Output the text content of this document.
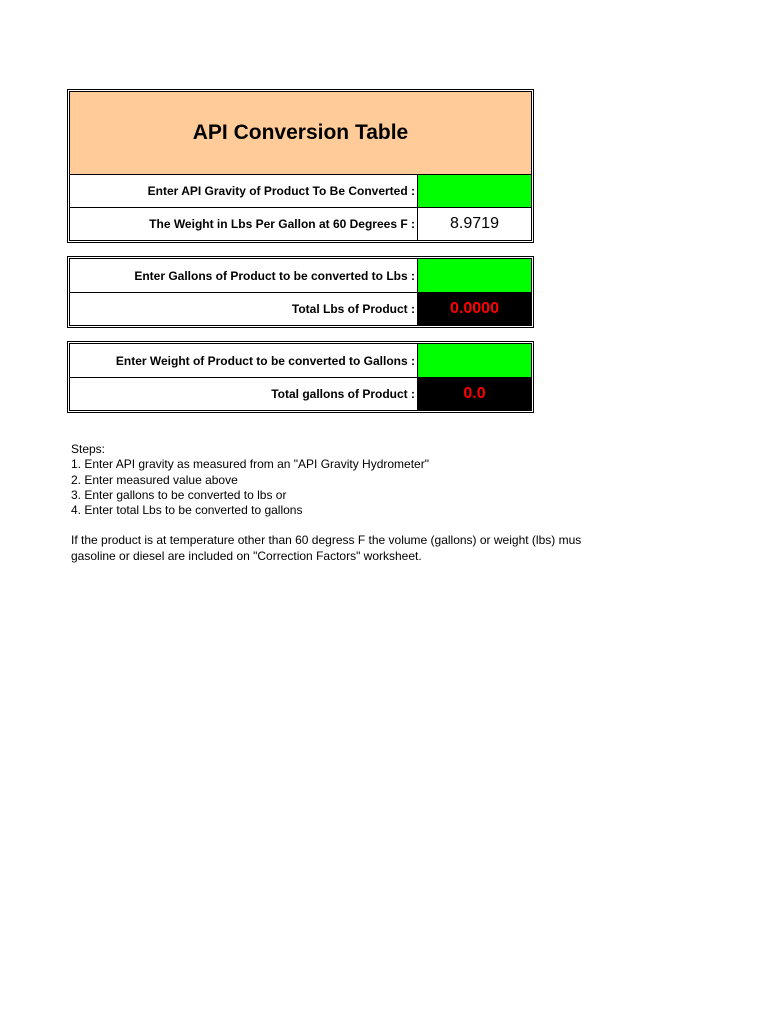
API Conversion Table
Enter API Gravity of Product To Be Converted :
The Weight in Lbs Per Gallon at 60 Degrees F :	8.9719
Enter Gallons of Product to be converted to Lbs :
Total Lbs of Product :	0.0000
Enter Weight of Product to be converted to Gallons :
Total gallons of Product :	0.0
Steps:
1. Enter API gravity as measured from an "API Gravity Hydrometer"
2. Enter measured value above
3. Enter gallons to be converted to lbs or
4. Enter total Lbs to be converted to gallons
If the product is at temperature other than 60 degress F the volume (gallons) or weight (lbs) mus
gasoline or diesel are included on "Correction Factors" worksheet.
